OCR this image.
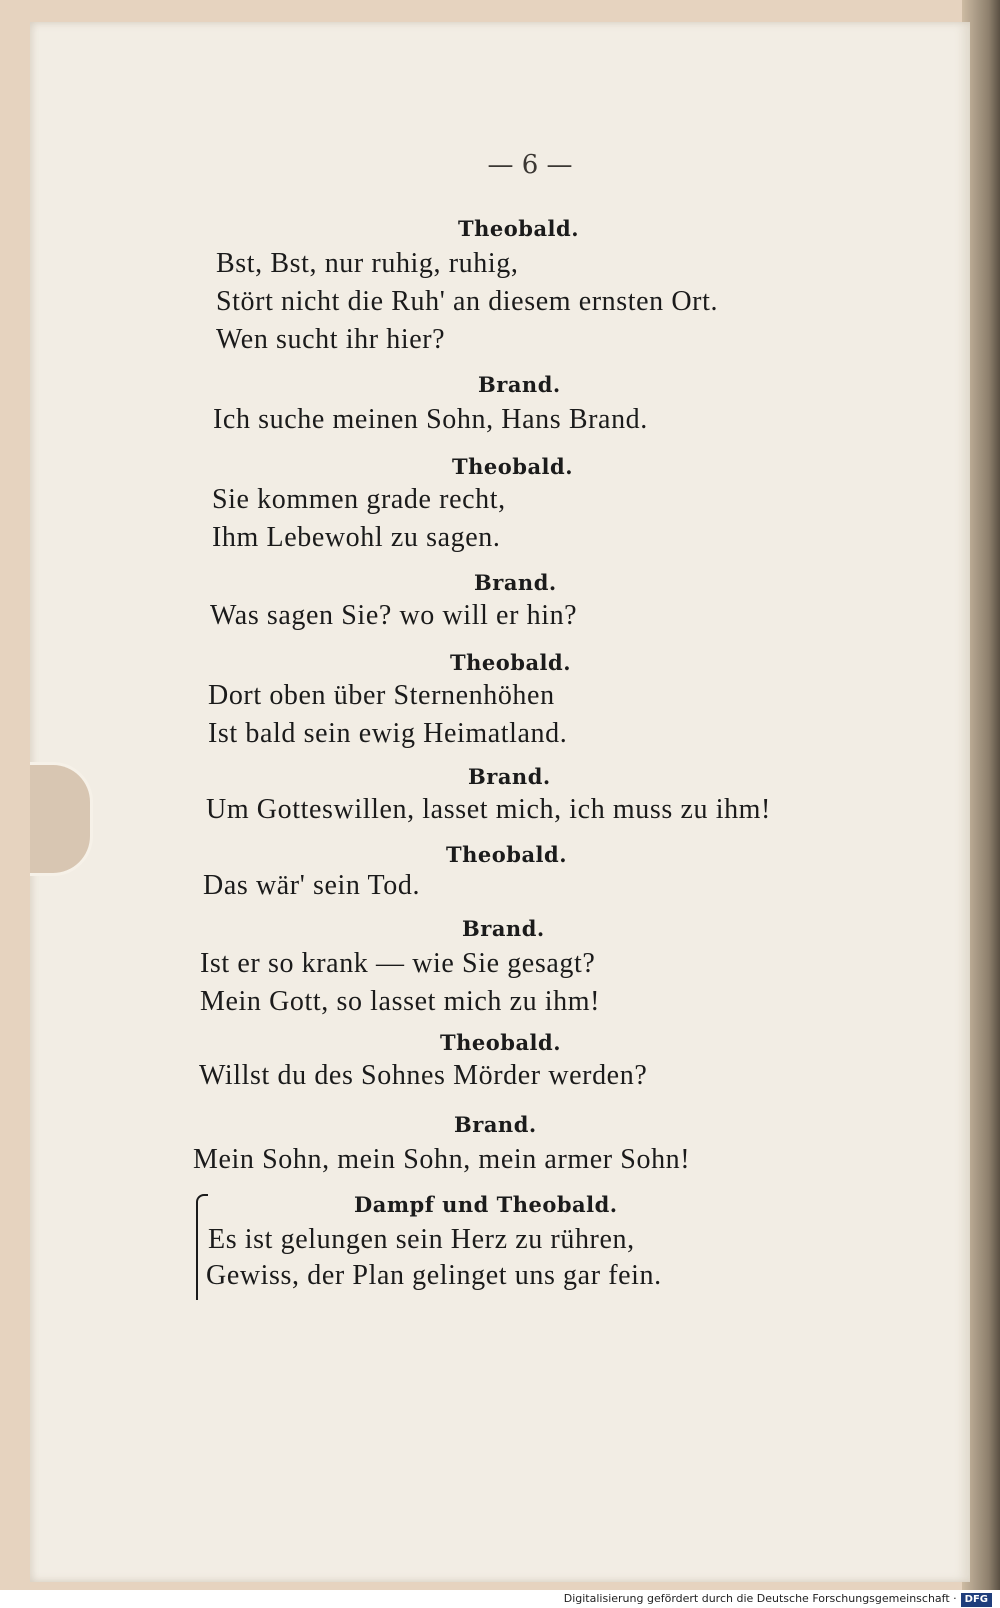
— 6 —
Theobald.
Bst, Bst, nur ruhig, ruhig,
Stört nicht die Ruh' an diesem ernsten Ort.
Wen sucht ihr hier?
Brand.
Ich suche meinen Sohn, Hans Brand.
Theobald.
Sie kommen grade recht,
Ihm Lebewohl zu sagen.
Brand.
Was sagen Sie? wo will er hin?
Theobald.
Dort oben über Sternenhöhen
Ist bald sein ewig Heimatland.
Brand.
Um Gotteswillen, lasset mich, ich muss zu ihm!
Theobald.
Das wär' sein Tod.
Brand.
Ist er so krank — wie Sie gesagt?
Mein Gott, so lasset mich zu ihm!
Theobald.
Willst du des Sohnes Mörder werden?
Brand.
Mein Sohn, mein Sohn, mein armer Sohn!
Dampf und Theobald.
Es ist gelungen sein Herz zu rühren,
Gewiss, der Plan gelinget uns gar fein.
Digitalisierung gefördert durch die Deutsche Forschungsgemeinschaft · DFG
